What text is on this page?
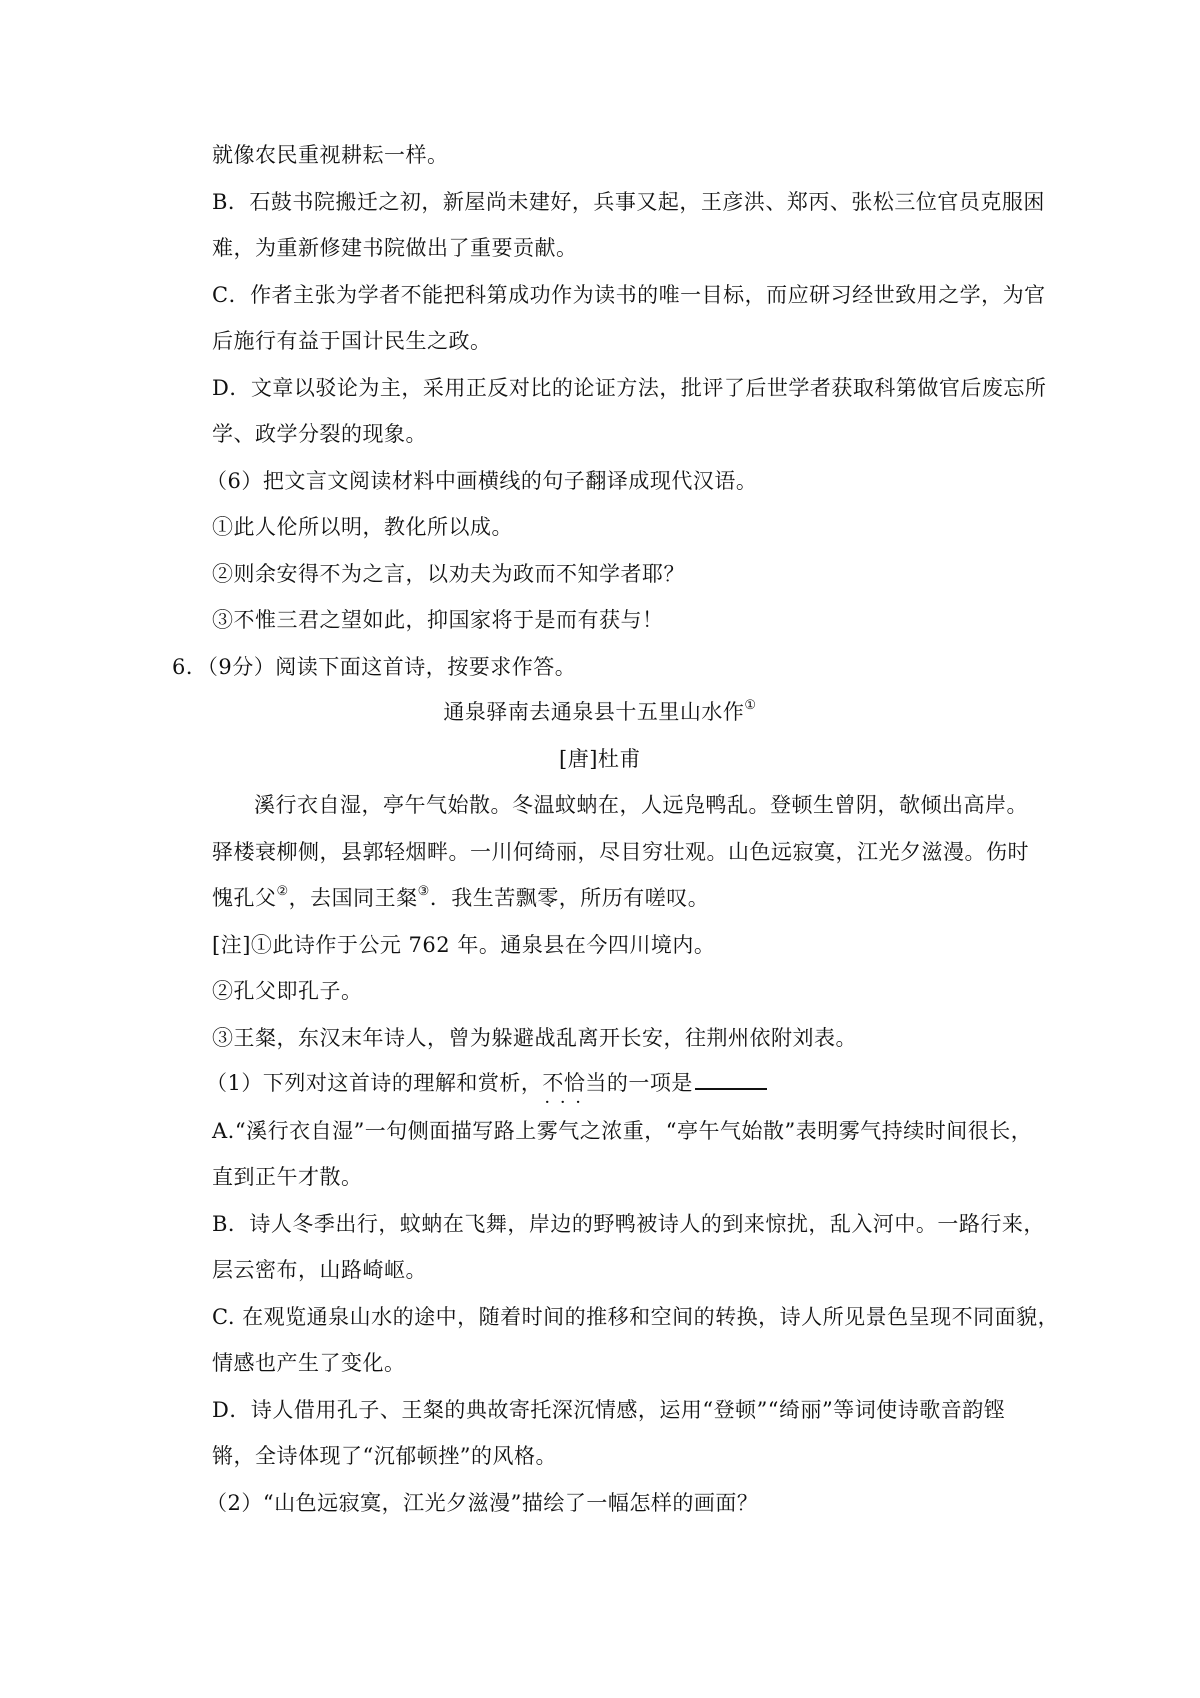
就像农民重视耕耘一样。
B．石鼓书院搬迁之初，新屋尚未建好，兵事又起，王彦洪、郑丙、张松三位官员克服困
难，为重新修建书院做出了重要贡献。
C．作者主张为学者不能把科第成功作为读书的唯一目标，而应研习经世致用之学，为官
后施行有益于国计民生之政。
D．文章以驳论为主，采用正反对比的论证方法，批评了后世学者获取科第做官后废忘所
学、政学分裂的现象。
（6）把文言文阅读材料中画横线的句子翻译成现代汉语。
①此人伦所以明，教化所以成。
②则余安得不为之言，以劝夫为政而不知学者耶？
③不惟三君之望如此，抑国家将于是而有获与！
6．（9分）阅读下面这首诗，按要求作答。
通泉驿南去通泉县十五里山水作①
[唐]杜甫
溪行衣自湿，亭午气始散。冬温蚊蚋在，人远凫鸭乱。登顿生曾阴，欹倾出高岸。
驿楼衰柳侧，县郭轻烟畔。一川何绮丽，尽目穷壮观。山色远寂寞，江光夕滋漫。伤时
愧孔父②，去国同王粲③．我生苦飘零，所历有嗟叹。
[注]①此诗作于公元 762 年。通泉县在今四川境内。
②孔父即孔子。
③王粲，东汉末年诗人，曾为躲避战乱离开长安，往荆州依附刘表。
（1）下列对这首诗的理解和赏析，不恰当 · · ·的一项是
A.“溪行衣自湿”一句侧面描写路上雾气之浓重，“亭午气始散”表明雾气持续时间很长，
直到正午才散。
B．诗人冬季出行，蚊蚋在飞舞，岸边的野鸭被诗人的到来惊扰，乱入河中。一路行来，
层云密布，山路崎岖。
C. 在观览通泉山水的途中，随着时间的推移和空间的转换，诗人所见景色呈现不同面貌，
情感也产生了变化。
D．诗人借用孔子、王粲的典故寄托深沉情感，运用“登顿”“绮丽”等词使诗歌音韵铿
锵，全诗体现了“沉郁顿挫”的风格。
（2）“山色远寂寞，江光夕滋漫”描绘了一幅怎样的画面？
